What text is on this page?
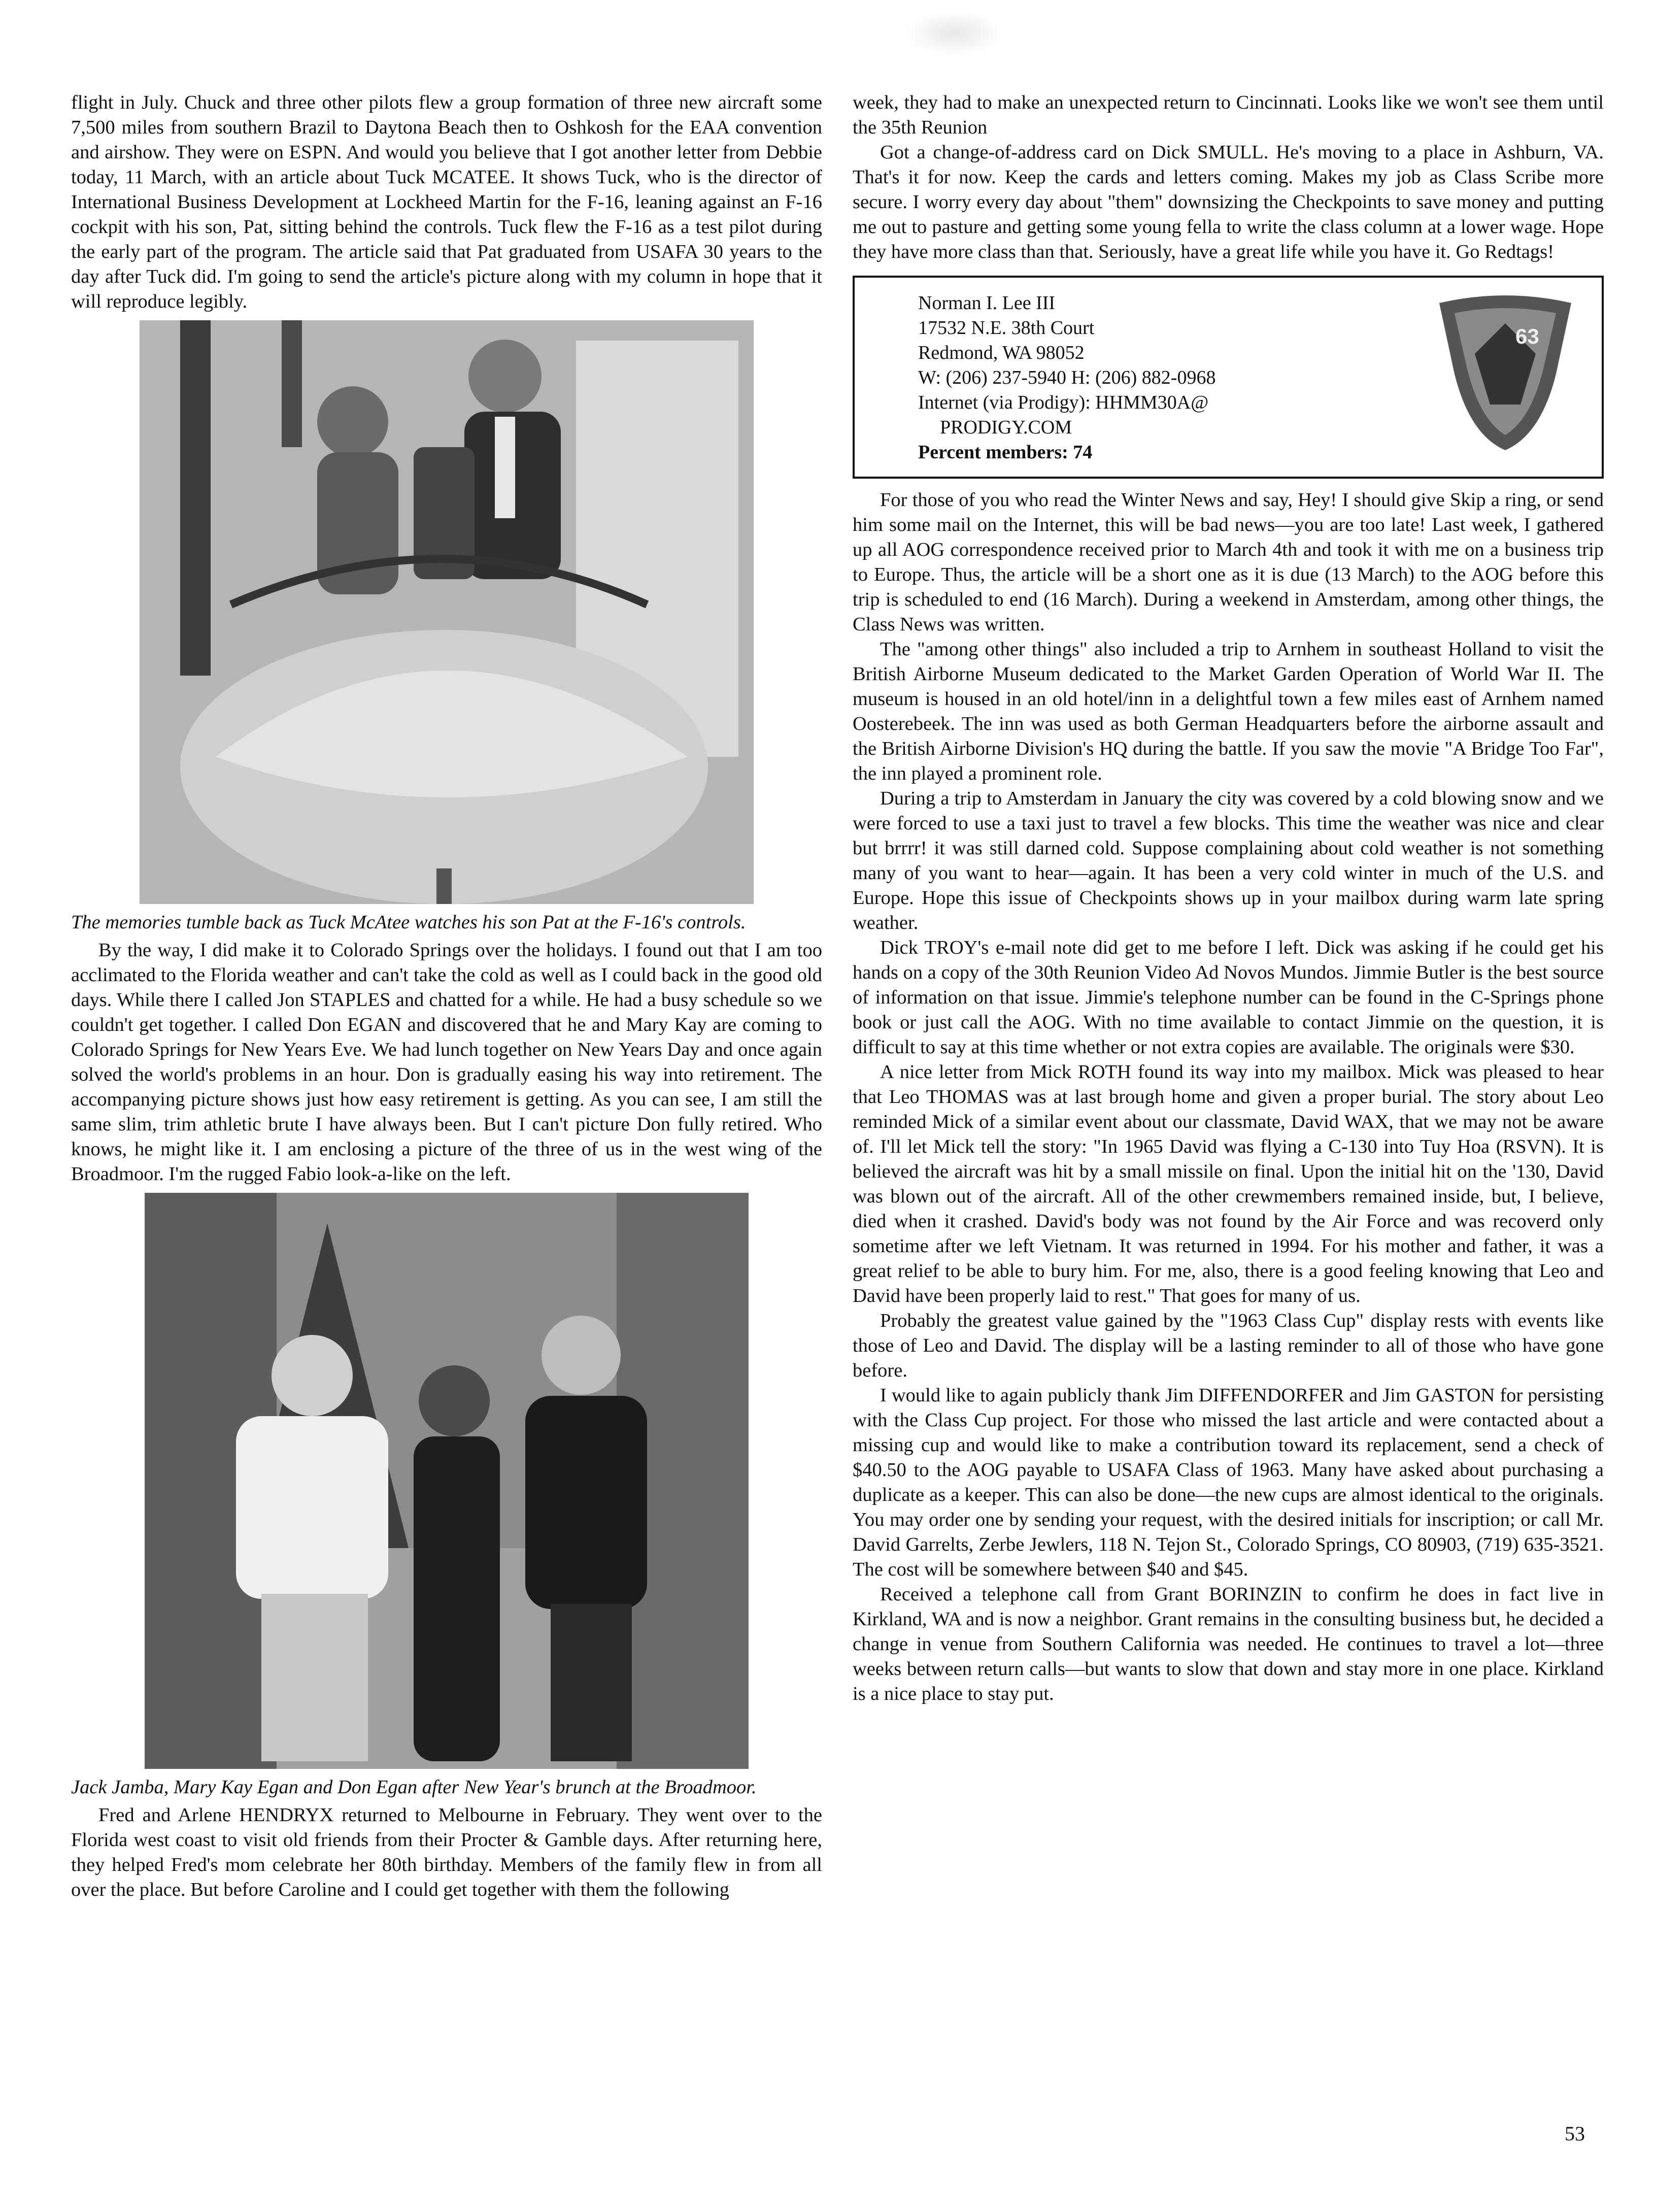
flight in July. Chuck and three other pilots flew a group formation of three new aircraft some 7,500 miles from southern Brazil to Daytona Beach then to Oshkosh for the EAA convention and airshow. They were on ESPN. And would you believe that I got another letter from Debbie today, 11 March, with an article about Tuck MCATEE. It shows Tuck, who is the director of International Business Development at Lockheed Martin for the F-16, leaning against an F-16 cockpit with his son, Pat, sitting behind the controls. Tuck flew the F-16 as a test pilot during the early part of the program. The article said that Pat graduated from USAFA 30 years to the day after Tuck did. I'm going to send the article's picture along with my column in hope that it will reproduce legibly.

The memories tumble back as Tuck McAtee watches his son Pat at the F-16's controls.

By the way, I did make it to Colorado Springs over the holidays. I found out that I am too acclimated to the Florida weather and can't take the cold as well as I could back in the good old days. While there I called Jon STAPLES and chatted for a while. He had a busy schedule so we couldn't get together. I called Don EGAN and discovered that he and Mary Kay are coming to Colorado Springs for New Years Eve. We had lunch together on New Years Day and once again solved the world's problems in an hour. Don is gradually easing his way into retirement. The accompanying picture shows just how easy retirement is getting. As you can see, I am still the same slim, trim athletic brute I have always been. But I can't picture Don fully retired. Who knows, he might like it. I am enclosing a picture of the three of us in the west wing of the Broadmoor. I'm the rugged Fabio look-a-like on the left.

Jack Jamba, Mary Kay Egan and Don Egan after New Year's brunch at the Broadmoor.

Fred and Arlene HENDRYX returned to Melbourne in February. They went over to the Florida west coast to visit old friends from their Procter & Gamble days. After returning here, they helped Fred's mom celebrate her 80th birthday. Members of the family flew in from all over the place. But before Caroline and I could get together with them the following

week, they had to make an unexpected return to Cincinnati. Looks like we won't see them until the 35th Reunion

Got a change-of-address card on Dick SMULL. He's moving to a place in Ashburn, VA. That's it for now. Keep the cards and letters coming. Makes my job as Class Scribe more secure. I worry every day about "them" downsizing the Checkpoints to save money and putting me out to pasture and getting some young fella to write the class column at a lower wage. Hope they have more class than that. Seriously, have a great life while you have it. Go Redtags!

Norman I. Lee III
17532 N.E. 38th Court
Redmond, WA 98052
W: (206) 237-5940 H: (206) 882-0968
Internet (via Prodigy): HHMM30A@
PRODIGY.COM
Percent members: 74
63

For those of you who read the Winter News and say, Hey! I should give Skip a ring, or send him some mail on the Internet, this will be bad news—you are too late! Last week, I gathered up all AOG correspondence received prior to March 4th and took it with me on a business trip to Europe. Thus, the article will be a short one as it is due (13 March) to the AOG before this trip is scheduled to end (16 March). During a weekend in Amsterdam, among other things, the Class News was written.

The "among other things" also included a trip to Arnhem in southeast Holland to visit the British Airborne Museum dedicated to the Market Garden Operation of World War II. The museum is housed in an old hotel/inn in a delightful town a few miles east of Arnhem named Oosterebeek. The inn was used as both German Headquarters before the airborne assault and the British Airborne Division's HQ during the battle. If you saw the movie "A Bridge Too Far", the inn played a prominent role.

During a trip to Amsterdam in January the city was covered by a cold blowing snow and we were forced to use a taxi just to travel a few blocks. This time the weather was nice and clear but brrrr! it was still darned cold. Suppose complaining about cold weather is not something many of you want to hear—again. It has been a very cold winter in much of the U.S. and Europe. Hope this issue of Checkpoints shows up in your mailbox during warm late spring weather.

Dick TROY's e-mail note did get to me before I left. Dick was asking if he could get his hands on a copy of the 30th Reunion Video Ad Novos Mundos. Jimmie Butler is the best source of information on that issue. Jimmie's telephone number can be found in the C-Springs phone book or just call the AOG. With no time available to contact Jimmie on the question, it is difficult to say at this time whether or not extra copies are available. The originals were $30.

A nice letter from Mick ROTH found its way into my mailbox. Mick was pleased to hear that Leo THOMAS was at last brough home and given a proper burial. The story about Leo reminded Mick of a similar event about our classmate, David WAX, that we may not be aware of. I'll let Mick tell the story: "In 1965 David was flying a C-130 into Tuy Hoa (RSVN). It is believed the aircraft was hit by a small missile on final. Upon the initial hit on the '130, David was blown out of the aircraft. All of the other crewmembers remained inside, but, I believe, died when it crashed. David's body was not found by the Air Force and was recoverd only sometime after we left Vietnam. It was returned in 1994. For his mother and father, it was a great relief to be able to bury him. For me, also, there is a good feeling knowing that Leo and David have been properly laid to rest." That goes for many of us.

Probably the greatest value gained by the "1963 Class Cup" display rests with events like those of Leo and David. The display will be a lasting reminder to all of those who have gone before.

I would like to again publicly thank Jim DIFFENDORFER and Jim GASTON for persisting with the Class Cup project. For those who missed the last article and were contacted about a missing cup and would like to make a contribution toward its replacement, send a check of $40.50 to the AOG payable to USAFA Class of 1963. Many have asked about purchasing a duplicate as a keeper. This can also be done—the new cups are almost identical to the originals. You may order one by sending your request, with the desired initials for inscription; or call Mr. David Garrelts, Zerbe Jewlers, 118 N. Tejon St., Colorado Springs, CO 80903, (719) 635-3521. The cost will be somewhere between $40 and $45.

Received a telephone call from Grant BORINZIN to confirm he does in fact live in Kirkland, WA and is now a neighbor. Grant remains in the consulting business but, he decided a change in venue from Southern California was needed. He continues to travel a lot—three weeks between return calls—but wants to slow that down and stay more in one place. Kirkland is a nice place to stay put.

53
